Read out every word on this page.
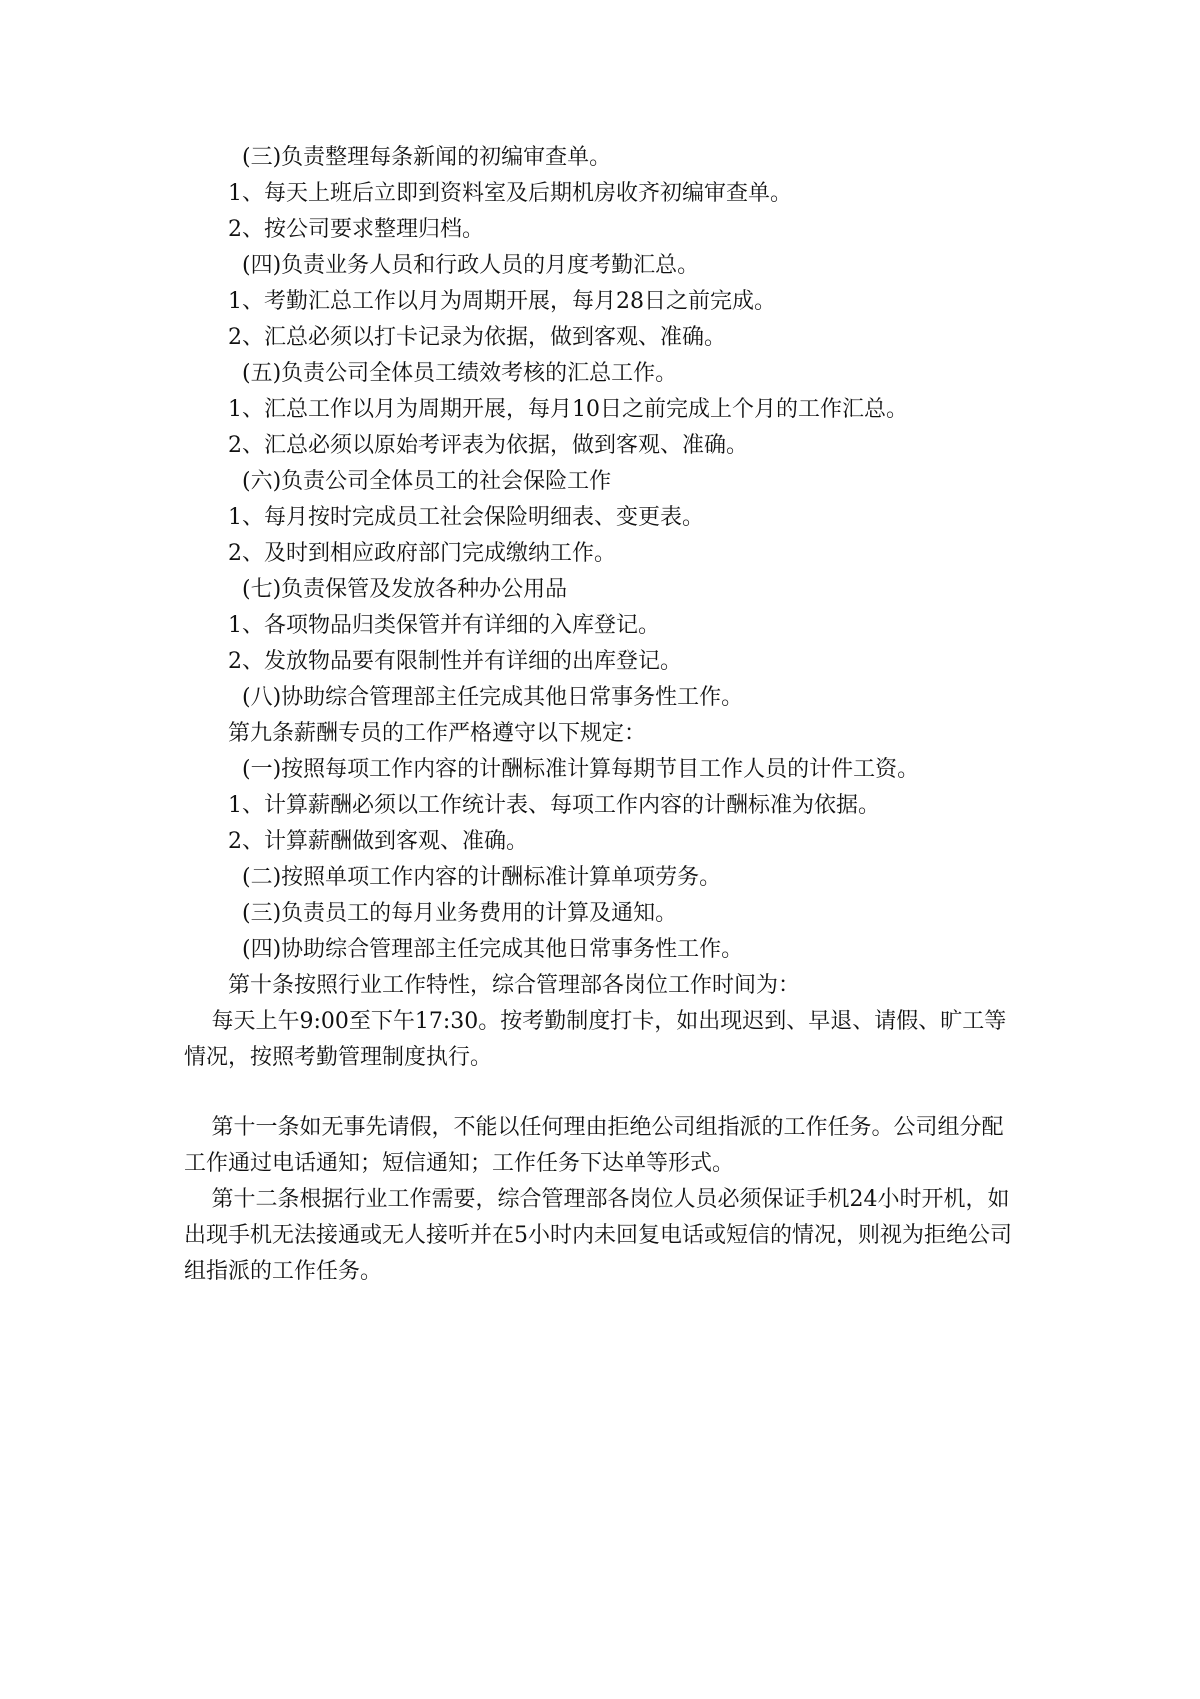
(三)负责整理每条新闻的初编审查单。

1、每天上班后立即到资料室及后期机房收齐初编审查单。

2、按公司要求整理归档。

(四)负责业务人员和行政人员的月度考勤汇总。

1、考勤汇总工作以月为周期开展，每月28日之前完成。

2、汇总必须以打卡记录为依据，做到客观、准确。

(五)负责公司全体员工绩效考核的汇总工作。

1、汇总工作以月为周期开展，每月10日之前完成上个月的工作汇总。

2、汇总必须以原始考评表为依据，做到客观、准确。

(六)负责公司全体员工的社会保险工作

1、每月按时完成员工社会保险明细表、变更表。

2、及时到相应政府部门完成缴纳工作。

(七)负责保管及发放各种办公用品

1、各项物品归类保管并有详细的入库登记。

2、发放物品要有限制性并有详细的出库登记。

(八)协助综合管理部主任完成其他日常事务性工作。

第九条薪酬专员的工作严格遵守以下规定：

(一)按照每项工作内容的计酬标准计算每期节目工作人员的计件工资。

1、计算薪酬必须以工作统计表、每项工作内容的计酬标准为依据。

2、计算薪酬做到客观、准确。

(二)按照单项工作内容的计酬标准计算单项劳务。

(三)负责员工的每月业务费用的计算及通知。

(四)协助综合管理部主任完成其他日常事务性工作。

第十条按照行业工作特性，综合管理部各岗位工作时间为：

每天上午9:00至下午17:30。按考勤制度打卡，如出现迟到、早退、请假、旷工等情况，按照考勤管理制度执行。

第十一条如无事先请假，不能以任何理由拒绝公司组指派的工作任务。公司组分配工作通过电话通知；短信通知；工作任务下达单等形式。

第十二条根据行业工作需要，综合管理部各岗位人员必须保证手机24小时开机，如出现手机无法接通或无人接听并在5小时内未回复电话或短信的情况，则视为拒绝公司组指派的工作任务。
